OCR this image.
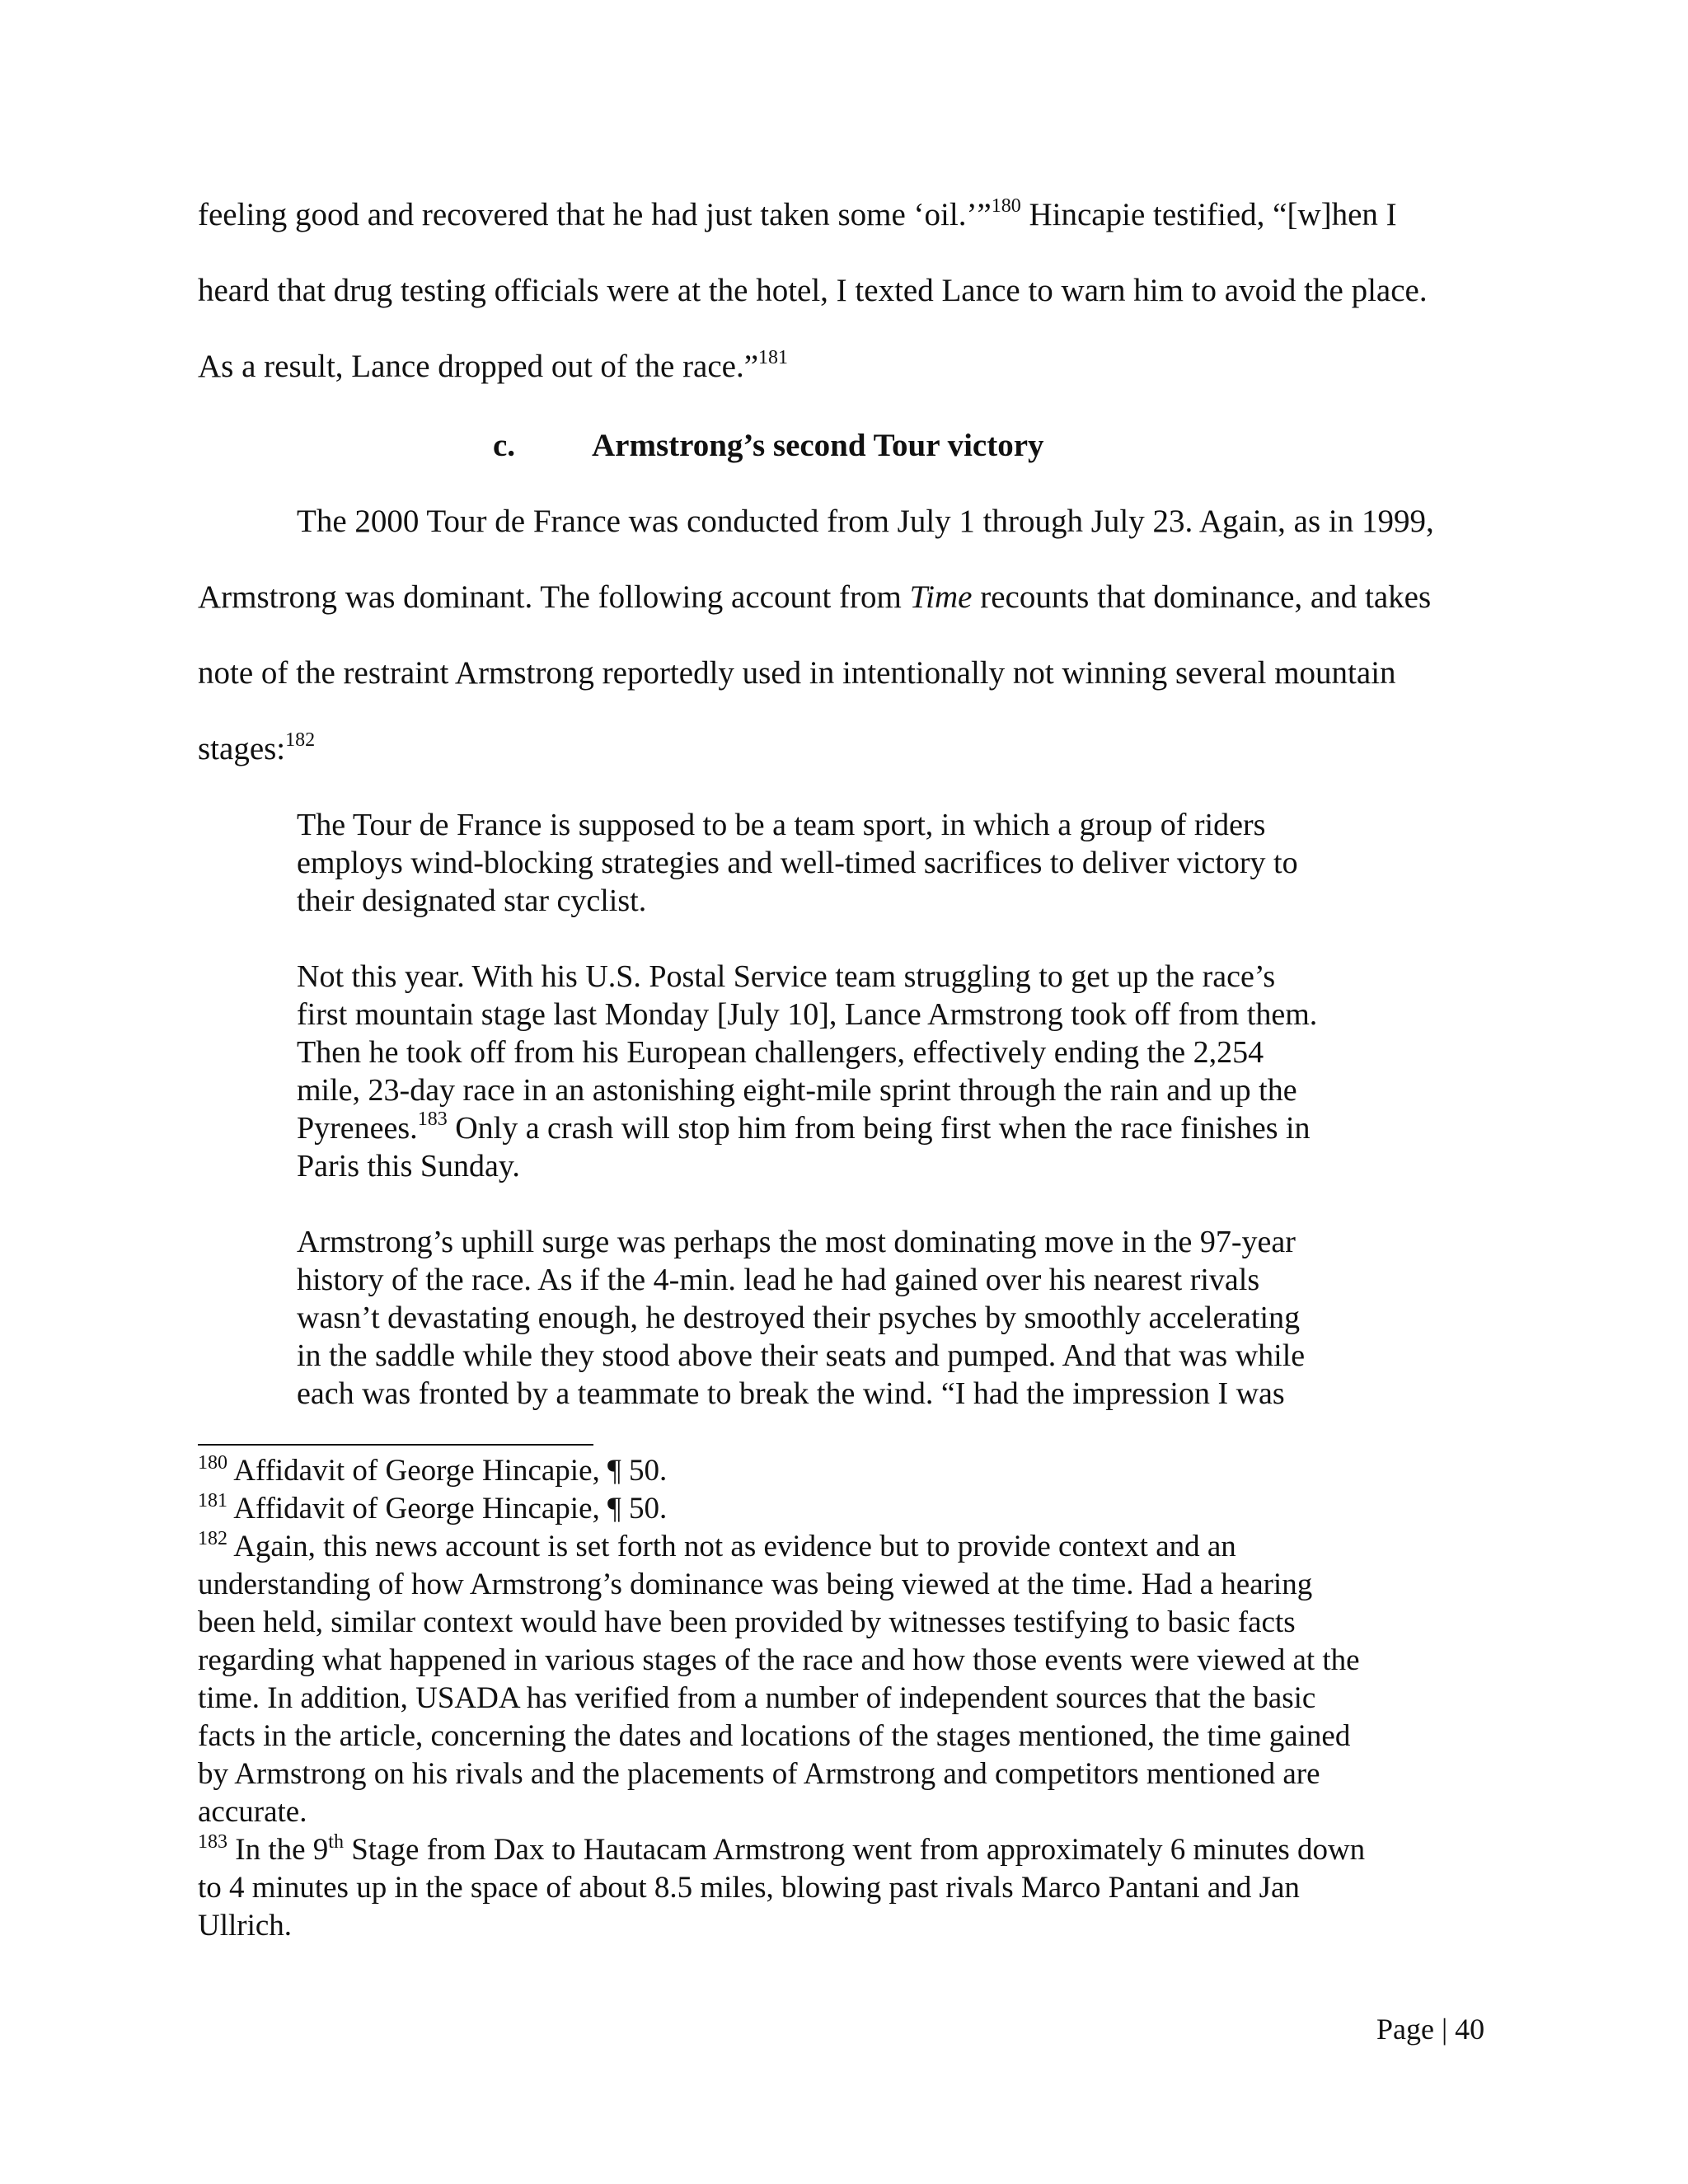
feeling good and recovered that he had just taken some ‘oil.’”$^{180}$ Hincapie testified, “[w]hen I

heard that drug testing officials were at the hotel, I texted Lance to warn him to avoid the place.

As a result, Lance dropped out of the race.”$^{181}$

c. Armstrong’s second Tour victory

The 2000 Tour de France was conducted from July 1 through July 23. Again, as in 1999,

Armstrong was dominant. The following account from Time recounts that dominance, and takes

note of the restraint Armstrong reportedly used in intentionally not winning several mountain

stages:$^{182}$

The Tour de France is supposed to be a team sport, in which a group of riders

employs wind-blocking strategies and well-timed sacrifices to deliver victory to

their designated star cyclist.

Not this year. With his U.S. Postal Service team struggling to get up the race’s

first mountain stage last Monday [July 10], Lance Armstrong took off from them.

Then he took off from his European challengers, effectively ending the 2,254

mile, 23-day race in an astonishing eight-mile sprint through the rain and up the

Pyrenees.$^{183}$ Only a crash will stop him from being first when the race finishes in

Paris this Sunday.

Armstrong’s uphill surge was perhaps the most dominating move in the 97-year

history of the race. As if the 4-min. lead he had gained over his nearest rivals

wasn’t devastating enough, he destroyed their psyches by smoothly accelerating

in the saddle while they stood above their seats and pumped. And that was while

each was fronted by a teammate to break the wind. “I had the impression I was

$^{180}$ Affidavit of George Hincapie, ¶ 50.

$^{181}$ Affidavit of George Hincapie, ¶ 50.

$^{182}$ Again, this news account is set forth not as evidence but to provide context and an

understanding of how Armstrong’s dominance was being viewed at the time. Had a hearing

been held, similar context would have been provided by witnesses testifying to basic facts

regarding what happened in various stages of the race and how those events were viewed at the

time. In addition, USADA has verified from a number of independent sources that the basic

facts in the article, concerning the dates and locations of the stages mentioned, the time gained

by Armstrong on his rivals and the placements of Armstrong and competitors mentioned are

accurate.

$^{183}$ In the 9th Stage from Dax to Hautacam Armstrong went from approximately 6 minutes down

to 4 minutes up in the space of about 8.5 miles, blowing past rivals Marco Pantani and Jan

Ullrich.

Page | 40
